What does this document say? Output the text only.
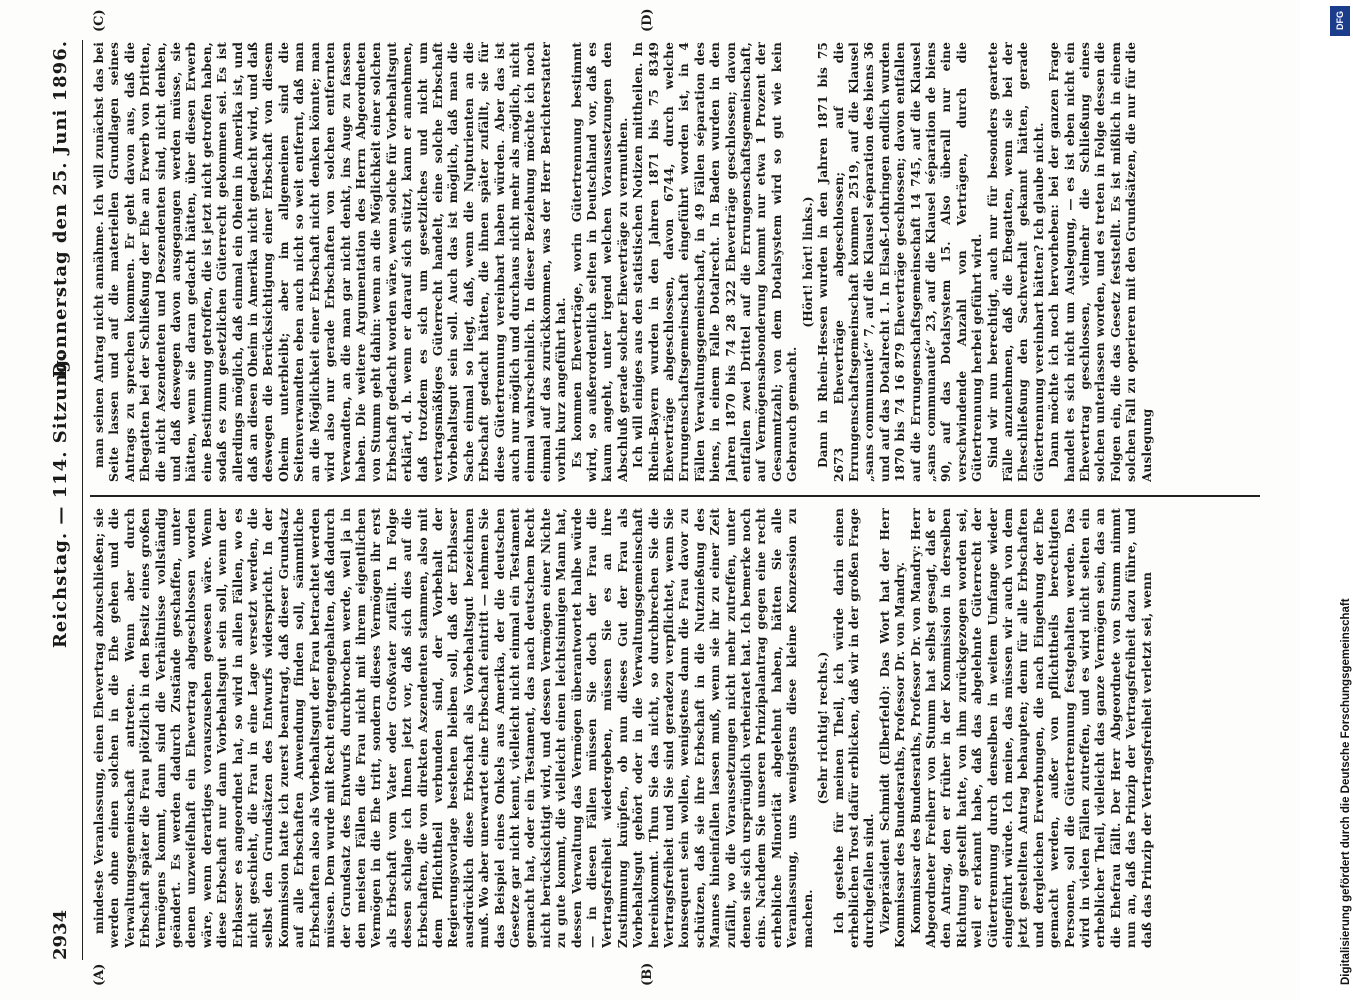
2934
Reichstag. — 114. Sitzung.
Donnerstag den 25. Juni 1896.
(A)	(B)
(C)	(D)

mindeste Veranlassung, einen Ehevertrag abzuschließen; sie werden ohne einen solchen in die Ehe gehen und die Verwaltungsgemeinschaft antreten. Wenn aber durch Erbschaft später die Frau plötzlich in den Besitz eines großen Vermögens kommt, dann sind die Verhältnisse vollständig geändert. Es werden dadurch Zustände geschaffen, unter denen unzweifelhaft ein Ehevertrag abgeschlossen worden wäre, wenn derartiges vorauszusehen gewesen wäre. Wenn diese Erbschaft nur dann Vorbehaltsgut sein soll, wenn der Erblasser es angeordnet hat, so wird in allen Fällen, wo es nicht geschieht, die Frau in eine Lage versetzt werden, die selbst den Grundsätzen des Entwurfs widerspricht. In der Kommission hatte ich zuerst beantragt, daß dieser Grundsatz auf alle Erbschaften Anwendung finden soll, sämmtliche Erbschaften also als Vorbehaltsgut der Frau betrachtet werden müssen. Dem wurde mit Recht entgegengehalten, daß dadurch der Grundsatz des Entwurfs durchbrochen werde, weil ja in den meisten Fällen die Frau nicht mit ihrem eigentlichen Vermögen in die Ehe tritt, sondern dieses Vermögen ihr erst als Erbschaft vom Vater oder Großvater zufällt. In Folge dessen schlage ich Ihnen jetzt vor, daß sich dies auf die Erbschaften, die von direkten Aszendenten stammen, also mit dem Pflichttheil verbunden sind, der Vorbehalt der Regierungsvorlage bestehen bleiben soll, daß der Erblasser ausdrücklich diese Erbschaft als Vorbehaltsgut bezeichnen muß. Wo aber unerwartet eine Erbschaft eintritt — nehmen Sie das Beispiel eines Onkels aus Amerika, der die deutschen Gesetze gar nicht kennt, vielleicht nicht einmal ein Testament gemacht hat, oder ein Testament, das nach deutschem Recht nicht berücksichtigt wird, und dessen Vermögen einer Nichte zu gute kommt, die vielleicht einen leichtsinnigen Mann hat, dessen Verwaltung das Vermögen überantwortet halbe würde — in diesen Fällen müssen Sie doch der Frau die Vertragsfreiheit wiedergeben, müssen Sie es an ihre Zustimmung knüpfen, ob nun dieses Gut der Frau als Vorbehaltsgut gehört oder in die Verwaltungsgemeinschaft hereinkommt. Thun Sie das nicht, so durchbrechen Sie die Vertragsfreiheit und Sie sind geradezu verpflichtet, wenn Sie konsequent sein wollen, wenigstens dann die Frau davor zu schützen, daß sie ihre Erbschaft in die Nutznießung des Mannes hineinfallen lassen muß, wenn sie ihr zu einer Zeit zufällt, wo die Voraussetzungen nicht mehr zutreffen, unter denen sie sich ursprünglich verheiratet hat. Ich bemerke noch eins. Nachdem Sie unseren Prinzipalantrag gegen eine recht erhebliche Minorität abgelehnt haben, hätten Sie alle Veranlassung, uns wenigstens diese kleine Konzession zu machen.

(Sehr richtig! rechts.) Ich gestehe für meinen Theil, ich würde darin einen erheblichen Trost dafür erblicken, daß wir in der großen Frage durchgefallen sind. Vizepräsident Schmidt (Elberfeld): Das Wort hat der Herr Kommissar des Bundesraths, Professor Dr. von Mandry. Kommissar des Bundesraths, Professor Dr. von Mandry: Herr Abgeordneter Freiherr von Stumm hat selbst gesagt, daß er den Antrag, den er früher in der Kommission in derselben Richtung gestellt hatte, von ihm zurückgezogen worden sei, weil er erkannt habe, daß das abgelehnte Güterrecht der Gütertrennung durch denselben in weitem Umfange wieder eingeführt würde. Ich meine, das müssen wir auch von dem jetzt gestellten Antrag behaupten; denn für alle Erbschaften und dergleichen Erwerbungen, die nach Eingehung der Ehe gemacht werden, außer von pflichttheils berechtigten Personen, soll die Gütertrennung festgehalten werden. Das wird in vielen Fällen zutreffen, und es wird nicht selten ein erheblicher Theil, vielleicht das ganze Vermögen sein, das an die Ehefrau fällt. Der Herr Abgeordnete von Stumm nimmt nun an, daß das Prinzip der Vertragsfreiheit dazu führe, und daß das Prinzip der Vertragsfreiheit verletzt sei, wenn

man seinen Antrag nicht annähme. Ich will zunächst das bei Seite lassen und auf die materiellen Grundlagen seines Antrags zu sprechen kommen. Er geht davon aus, daß die Ehegatten bei der Schließung der Ehe an Erwerb von Dritten, die nicht Aszendenten und Deszendenten sind, nicht denken, und daß deswegen davon ausgegangen werden müsse, sie hätten, wenn sie daran gedacht hätten, über diesen Erwerb eine Bestimmung getroffen, die ist jetzt nicht getroffen haben, sodaß es zum gesetzlichen Güterrecht gekommen sei. Es ist allerdings möglich, daß einmal ein Oheim in Amerika ist, und daß an diesen Oheim in Amerika nicht gedacht wird, und daß deswegen die Berücksichtigung einer Erbschaft von diesem Oheim unterbleibt; aber im allgemeinen sind die Seitenverwandten eben auch nicht so weit entfernt, daß man an die Möglichkeit einer Erbschaft nicht denken könnte; man wird also nur gerade Erbschaften von solchen entfernten Verwandten, an die man gar nicht denkt, ins Auge zu fassen haben. Die weitere Argumentation des Herrn Abgeordneten von Stumm geht dahin: wenn an die Möglichkeit einer solchen Erbschaft gedacht worden wäre, wenn solche für Vorbehaltsgut erklärt, d. h. wenn er darauf sich stützt, kann er annehmen, daß trotzdem es sich um gesetzliches und nicht um vertragsmäßiges Güterrecht handelt, eine solche Erbschaft Vorbehaltsgut sein soll. Auch das ist möglich, daß man die Sache einmal so liegt, daß, wenn die Nupturienten an die Erbschaft gedacht hätten, die ihnen später zufällt, sie für diese Gütertrennung vereinbart haben würden. Aber das ist auch nur möglich und durchaus nicht mehr als möglich, nicht einmal wahrscheinlich. In dieser Beziehung möchte ich noch einmal auf das zurückkommen, was der Herr Berichterstatter vorhin kurz angeführt hat. Es kommen Eheverträge, worin Gütertrennung bestimmt wird, so außerordentlich selten in Deutschland vor, daß es kaum angeht, unter irgend welchen Voraussetzungen den Abschluß gerade solcher Eheverträge zu vermuthen. Ich will einiges aus den statistischen Notizen mittheilen. In Rhein-Bayern wurden in den Jahren 1871 bis 75 8349 Eheverträge abgeschlossen, davon 6744, durch welche Errungenschaftsgemeinschaft eingeführt worden ist, in 4 Fällen Verwaltungsgemeinschaft, in 49 Fällen séparation des biens, in einem Falle Dotalrecht. In Baden wurden in den Jahren 1870 bis 74 28 322 Eheverträge geschlossen; davon entfallen zwei Drittel auf die Errungenschaftsgemeinschaft, auf Vermögensabsonderung kommt nur etwa 1 Prozent der Gesammtzahl; von dem Dotalsystem wird so gut wie kein Gebrauch gemacht.

(Hört! hört! links.) Dann in Rhein-Hessen wurden in den Jahren 1871 bis 75 2673 Eheverträge abgeschlossen; auf die Errungenschaftsgemeinschaft kommen 2519, auf die Klausel „sans communauté“ 7, auf die Klausel séparation des biens 36 und auf das Dotalrecht 1. In Elsaß-Lothringen endlich wurden 1870 bis 74 16 879 Eheverträge geschlossen; davon entfallen auf die Errungenschaftsgemeinschaft 14 745, auf die Klausel „sans communauté“ 23, auf die Klausel séparation de biens 90, auf das Dotalsystem 15. Also überall nur eine verschwindende Anzahl von Verträgen, durch die Gütertrennung herbei geführt wird. Sind wir nun berechtigt, auch nur für besonders geartete Fälle anzunehmen, daß die Ehegatten, wenn sie bei der Eheschließung den Sachverhalt gekannt hätten, gerade Gütertrennung vereinbart hätten? Ich glaube nicht. Dann möchte ich noch hervorheben: bei der ganzen Frage handelt es sich nicht um Auslegung, — es ist eben nicht ein Ehevertrag geschlossen, vielmehr die Schließung eines solchen unterlassen worden, und es treten in Folge dessen die Folgen ein, die das Gesetz feststellt. Es ist mißlich in einem solchen Fall zu operieren mit den Grundsätzen, die nur für die Auslegung

DFG
Digitalisierung gefördert durch die Deutsche Forschungsgemeinschaft
